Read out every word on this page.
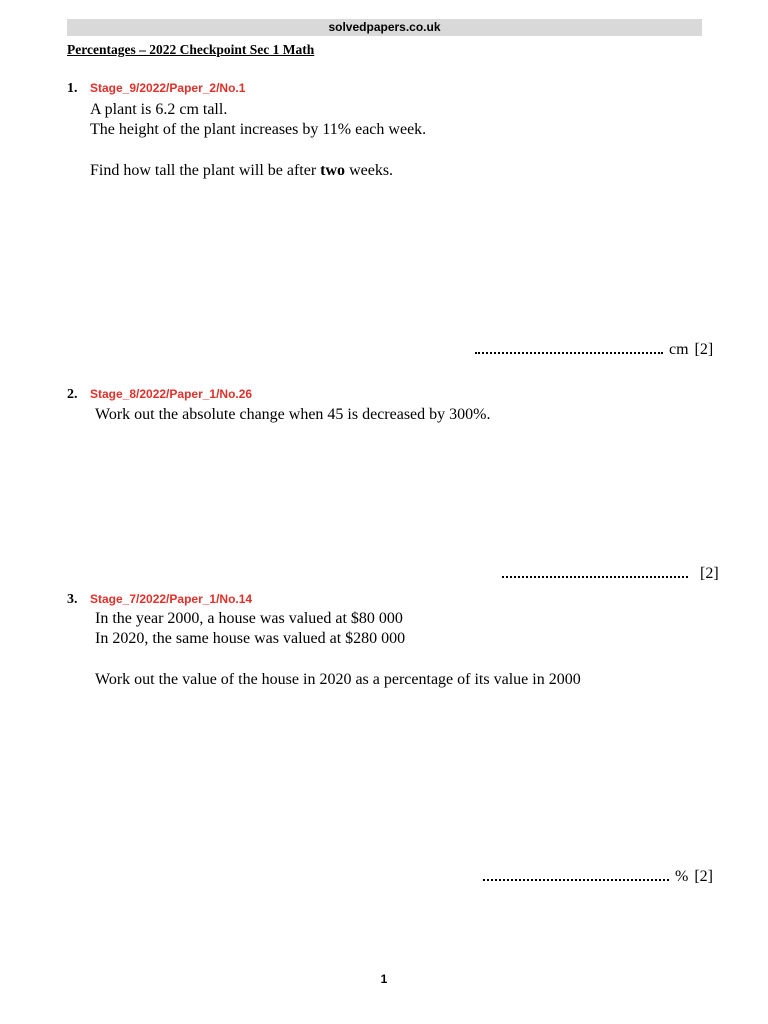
solvedpapers.co.uk
Percentages – 2022 Checkpoint Sec 1 Math
1. Stage_9/2022/Paper_2/No.1
A plant is 6.2 cm tall.
The height of the plant increases by 11% each week.
Find how tall the plant will be after two weeks.
cm [2]
2. Stage_8/2022/Paper_1/No.26
Work out the absolute change when 45 is decreased by 300%.
[2]
3. Stage_7/2022/Paper_1/No.14
In the year 2000, a house was valued at $80 000
In 2020, the same house was valued at $280 000
Work out the value of the house in 2020 as a percentage of its value in 2000
% [2]
1
